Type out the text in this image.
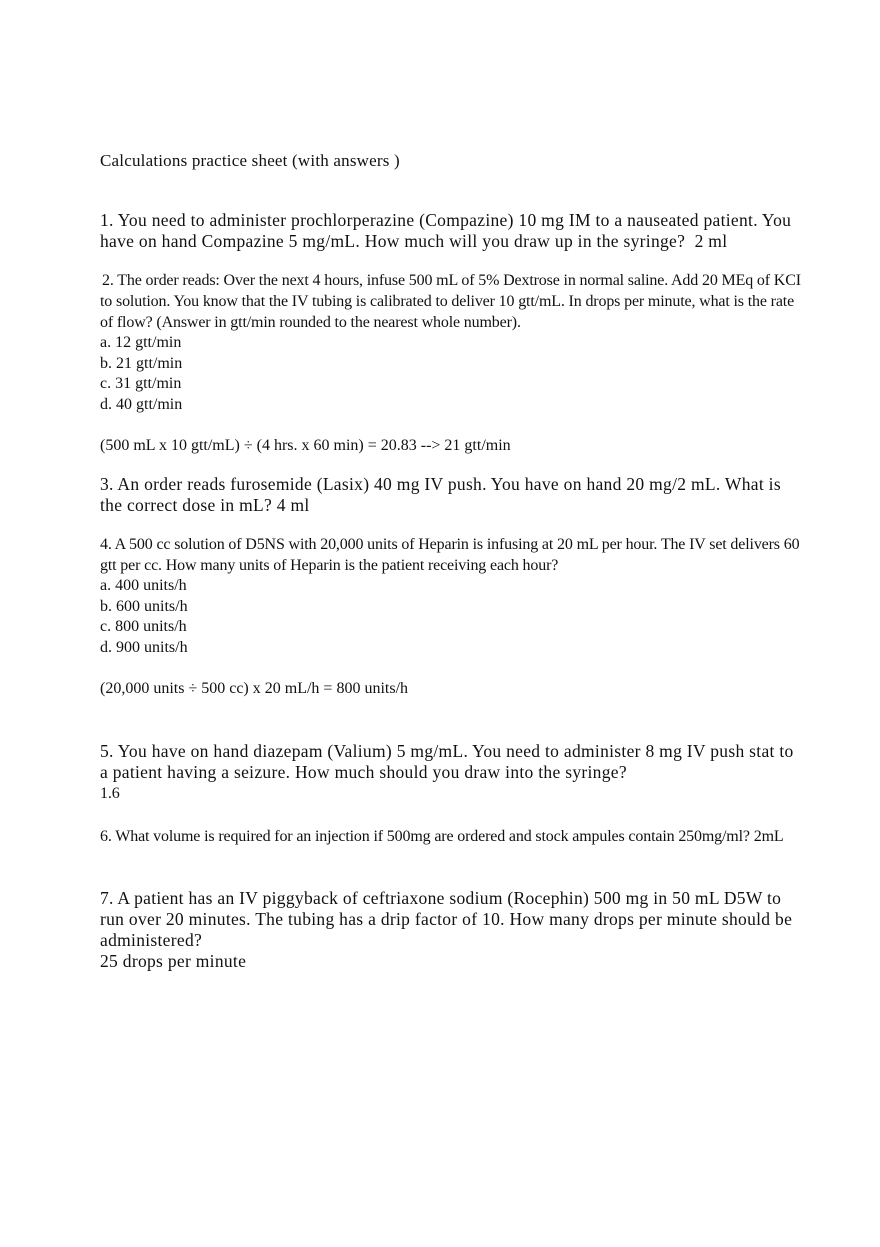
Calculations practice sheet (with answers )

1. You need to administer prochlorperazine (Compazine) 10 mg IM to a nauseated patient. You have on hand Compazine 5 mg/mL. How much will you draw up in the syringe? 2 ml

2. The order reads: Over the next 4 hours, infuse 500 mL of 5% Dextrose in normal saline. Add 20 MEq of KCI to solution. You know that the IV tubing is calibrated to deliver 10 gtt/mL. In drops per minute, what is the rate of flow? (Answer in gtt/min rounded to the nearest whole number).

a. 12 gtt/min
b. 21 gtt/min
c. 31 gtt/min
d. 40 gtt/min

(500 mL x 10 gtt/mL) ÷ (4 hrs. x 60 min) = 20.83 --> 21 gtt/min

3. An order reads furosemide (Lasix) 40 mg IV push. You have on hand 20 mg/2 mL. What is the correct dose in mL? 4 ml

4. A 500 cc solution of D5NS with 20,000 units of Heparin is infusing at 20 mL per hour. The IV set delivers 60 gtt per cc. How many units of Heparin is the patient receiving each hour?

a. 400 units/h
b. 600 units/h
c. 800 units/h
d. 900 units/h

(20,000 units ÷ 500 cc) x 20 mL/h = 800 units/h

5. You have on hand diazepam (Valium) 5 mg/mL. You need to administer 8 mg IV push stat to a patient having a seizure. How much should you draw into the syringe?

1.6

6. What volume is required for an injection if 500mg are ordered and stock ampules contain 250mg/ml? 2mL

7. A patient has an IV piggyback of ceftriaxone sodium (Rocephin) 500 mg in 50 mL D5W to run over 20 minutes. The tubing has a drip factor of 10. How many drops per minute should be administered?

25 drops per minute
